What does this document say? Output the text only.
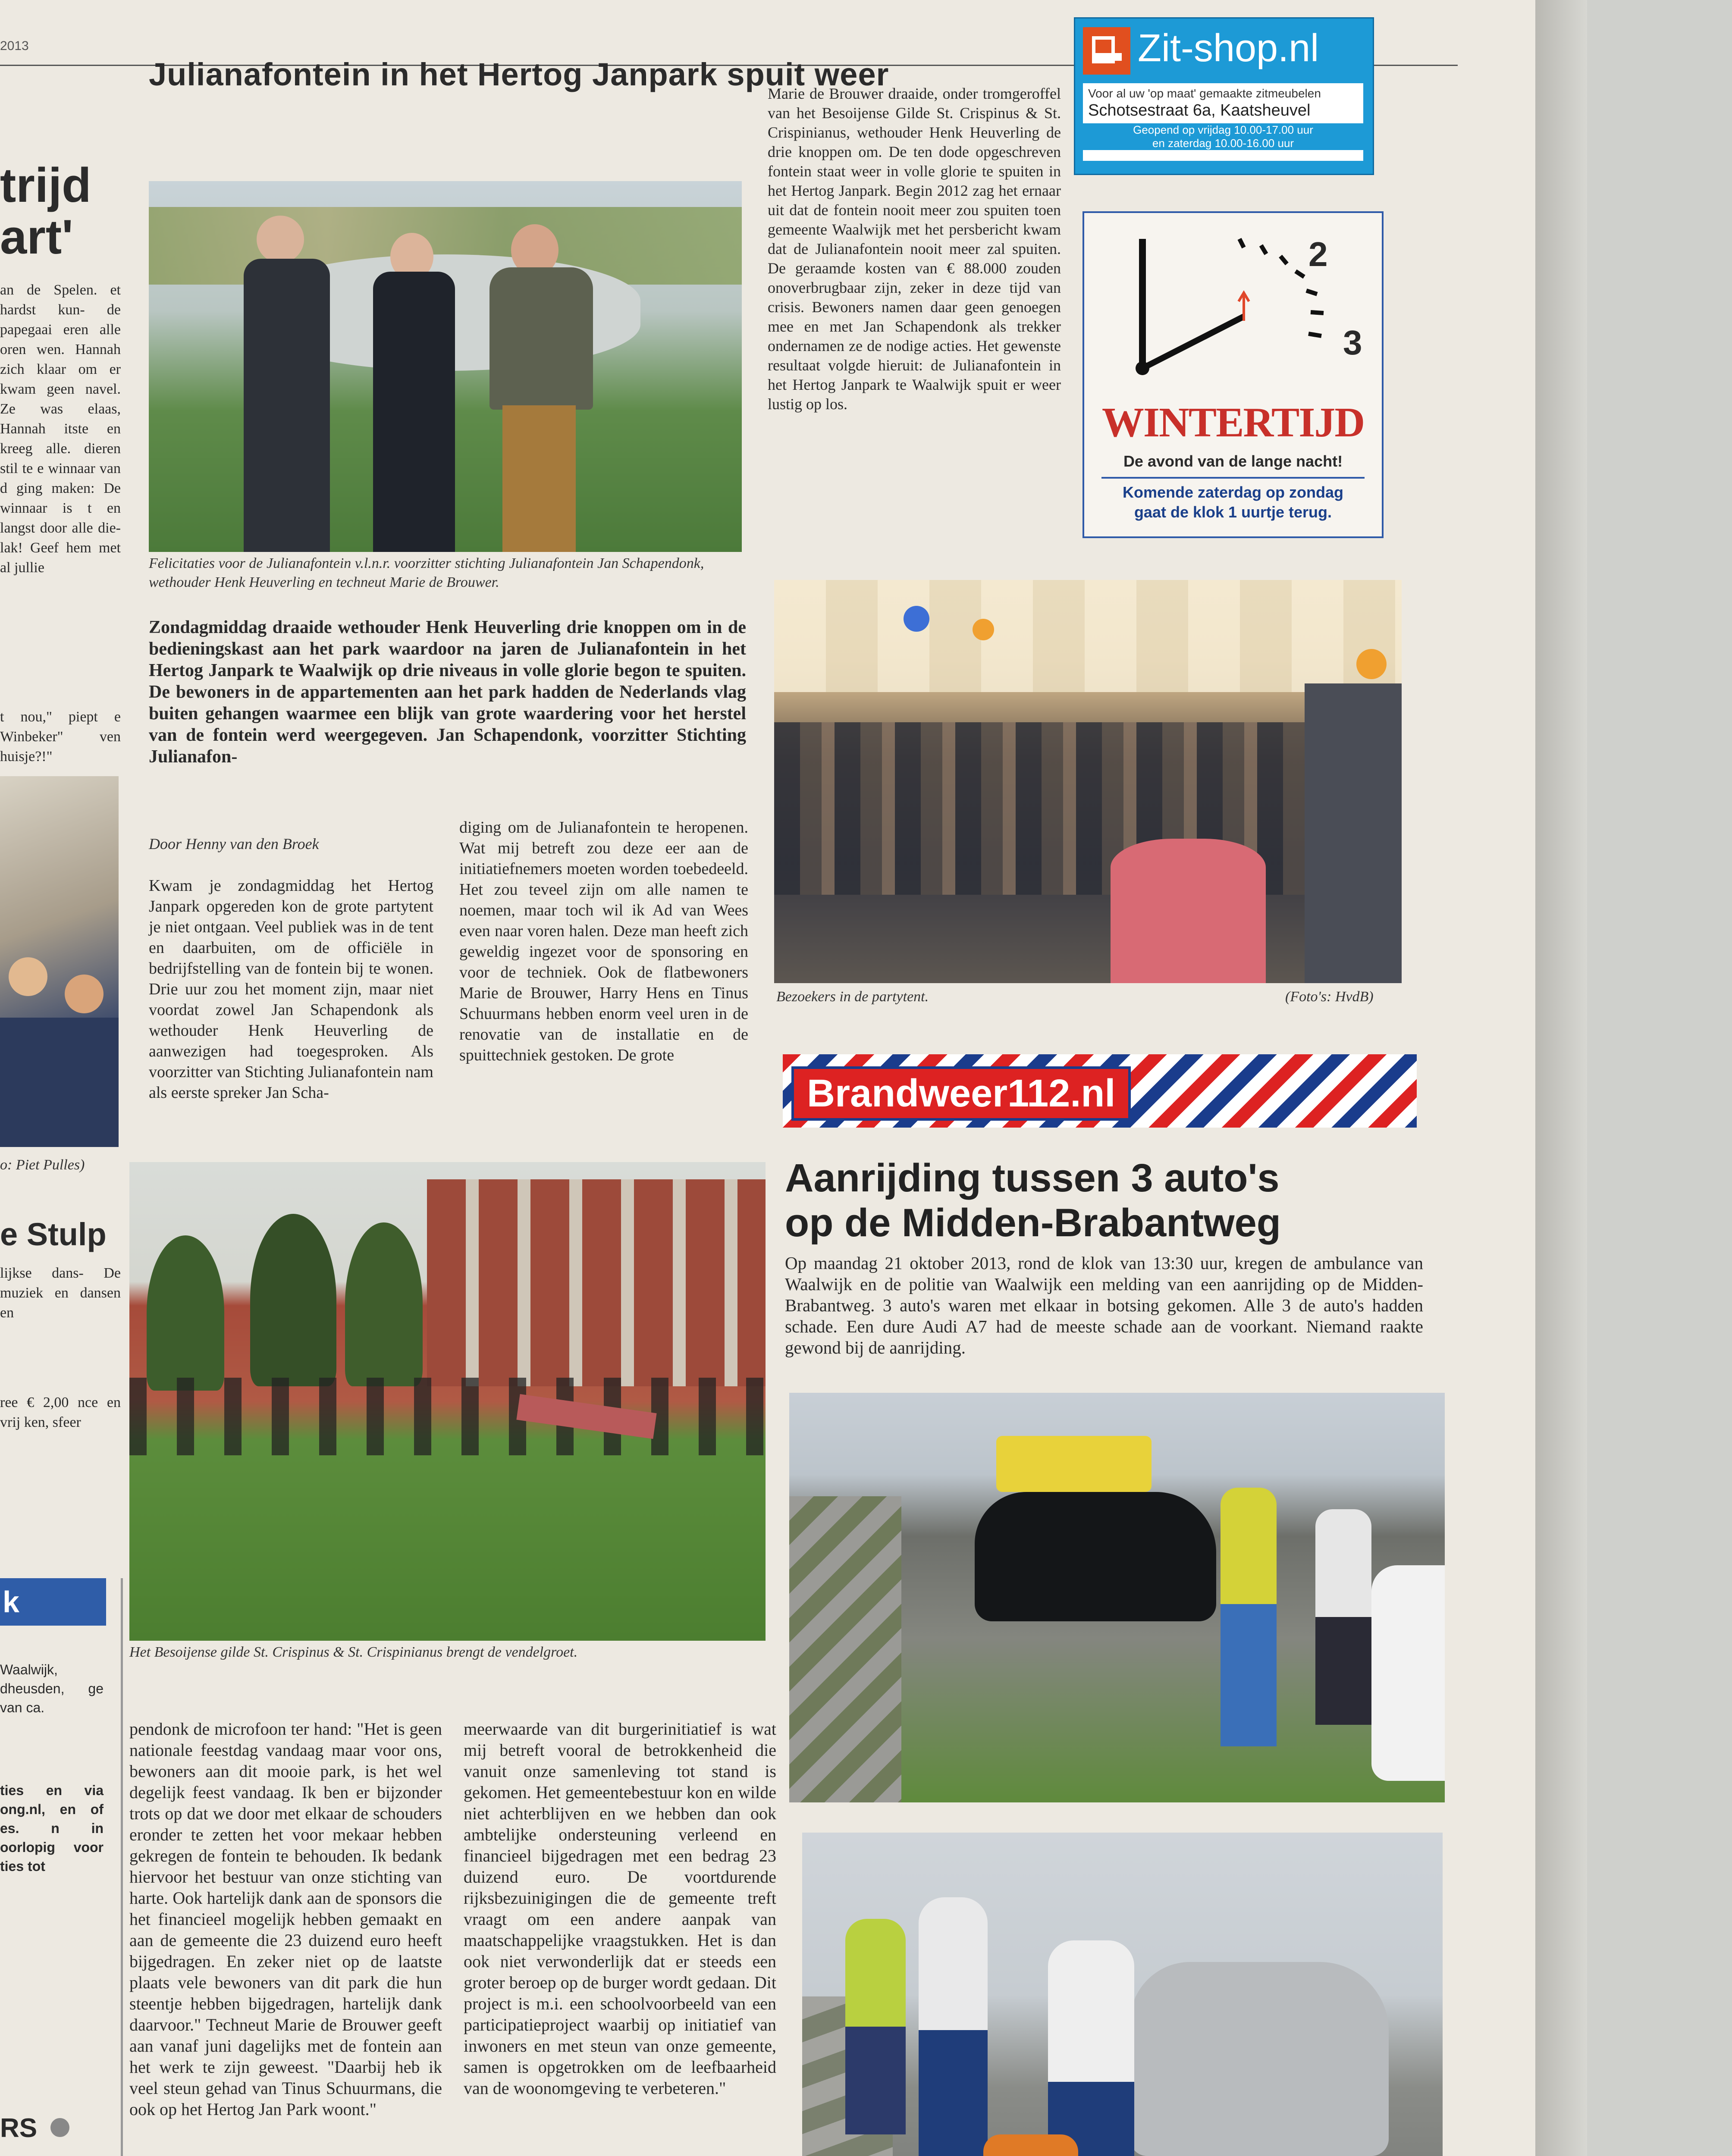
2013
trijd
art'
an de Spelen. et hardst kun- de papegaai eren alle oren wen. Hannah zich klaar om er kwam geen navel. Ze was elaas, Hannah itste en kreeg alle. dieren stil te e winnaar van d ging maken: De winnaar is t en langst door alle die- lak! Geef hem met al jullie
t nou," piept e Winbeker" ven huisje?!"
o: Piet Pulles)
e Stulp
lijkse dans- De muziek en dansen en
ree € 2,00 nce en vrij ken, sfeer
k
Waalwijk, dheusden, ge van ca.
ties en via ong.nl, en of es. n in oorlopig voor ties tot
RS
Julianafontein in het Hertog Janpark spuit weer
Felicitaties voor de Julianafontein v.l.n.r. voorzitter stichting Julianafontein Jan Schapendonk, wethouder Henk Heuverling en techneut Marie de Brouwer.
Zondagmiddag draaide wethouder Henk Heuverling drie knoppen om in de bedieningskast aan het park waardoor na jaren de Julianafontein in het Hertog Janpark te Waalwijk op drie niveaus in volle glorie begon te spuiten. De bewoners in de appartementen aan het park hadden de Nederlands vlag buiten gehangen waarmee een blijk van grote waardering voor het herstel van de fontein werd weergegeven. Jan Schapendonk, voorzitter Stichting Julianafon-
Door Henny van den Broek
Kwam je zondagmiddag het Hertog Janpark opgereden kon de grote partytent je niet ontgaan. Veel publiek was in de tent en daarbuiten, om de officiële in bedrijfstelling van de fontein bij te wonen. Drie uur zou het moment zijn, maar niet voordat zowel Jan Schapendonk als wethouder Henk Heuverling de aanwezigen had toegesproken. Als voorzitter van Stichting Julianafontein nam als eerste spreker Jan Scha-
diging om de Julianafontein te heropenen. Wat mij betreft zou deze eer aan de initiatiefnemers moeten worden toebedeeld. Het zou teveel zijn om alle namen te noemen, maar toch wil ik Ad van Wees even naar voren halen. Deze man heeft zich geweldig ingezet voor de sponsoring en voor de techniek. Ook de flatbewoners Marie de Brouwer, Harry Hens en Tinus Schuurmans hebben enorm veel uren in de renovatie van de installatie en de spuittechniek gestoken. De grote
Marie de Brouwer draaide, onder tromgeroffel van het Besoijense Gilde St. Crispinus & St. Crispinianus, wethouder Henk Heuverling de drie knoppen om. De ten dode opgeschreven fontein staat weer in volle glorie te spuiten in het Hertog Janpark. Begin 2012 zag het ernaar uit dat de fontein nooit meer zou spuiten toen gemeente Waalwijk met het persbericht kwam dat de Julianafontein nooit meer zal spuiten. De geraamde kosten van € 88.000 zouden onoverbrugbaar zijn, zeker in deze tijd van crisis. Bewoners namen daar geen genoegen mee en met Jan Schapendonk als trekker ondernamen ze de nodige acties. Het gewenste resultaat volgde hieruit: de Julianafontein in het Hertog Janpark te Waalwijk spuit er weer lustig op los.
Bezoekers in de partytent.	(Foto's: HvdB)
Het Besoijense gilde St. Crispinus & St. Crispinianus brengt de vendelgroet.
pendonk de microfoon ter hand: "Het is geen nationale feestdag vandaag maar voor ons, bewoners aan dit mooie park, is het wel degelijk feest vandaag. Ik ben er bijzonder trots op dat we door met elkaar de schouders eronder te zetten het voor mekaar hebben gekregen de fontein te behouden. Ik bedank hiervoor het bestuur van onze stichting van harte. Ook hartelijk dank aan de sponsors die het financieel mogelijk hebben gemaakt en aan de gemeente die 23 duizend euro heeft bijgedragen. En zeker niet op de laatste plaats vele bewoners van dit park die hun steentje hebben bijgedragen, hartelijk dank daarvoor." Techneut Marie de Brouwer geeft aan vanaf juni dagelijks met de fontein aan het werk te zijn geweest. "Daarbij heb ik veel steun gehad van Tinus Schuurmans, die ook op het Hertog Jan Park woont."
meerwaarde van dit burgerinitiatief is wat mij betreft vooral de betrokkenheid die vanuit onze samenleving tot stand is gekomen. Het gemeentebestuur kon en wilde niet achterblijven en we hebben dan ook ambtelijke ondersteuning verleend en financieel bijgedragen met een bedrag 23 duizend euro. De voortdurende rijksbezuinigingen die de gemeente treft vraagt om een andere aanpak van maatschappelijke vraagstukken. Het is dan ook niet verwonderlijk dat er steeds een groter beroep op de burger wordt gedaan. Dit project is m.i. een schoolvoorbeeld van een participatieproject waarbij op initiatief van inwoners en met steun van onze gemeente, samen is opgetrokken om de leefbaarheid van de woonomgeving te verbeteren."
Zit-shop.nl
Voor al uw 'op maat' gemaakte zitmeubelen
Schotsestraat 6a, Kaatsheuvel
Geopend op vrijdag 10.00-17.00 uur
en zaterdag 10.00-16.00 uur
2
3
WINTERTIJD
De avond van de lange nacht!
Komende zaterdag op zondag
gaat de klok 1 uurtje terug.
Brandweer112.nl
Aanrijding tussen 3 auto's
op de Midden-Brabantweg
Op maandag 21 oktober 2013, rond de klok van 13:30 uur, kregen de ambulance van Waalwijk en de politie van Waalwijk een melding van een aanrijding op de Midden-Brabantweg. 3 auto's waren met elkaar in botsing gekomen. Alle 3 de auto's hadden schade. Een dure Audi A7 had de meeste schade aan de voorkant. Niemand raakte gewond bij de aanrijding.
